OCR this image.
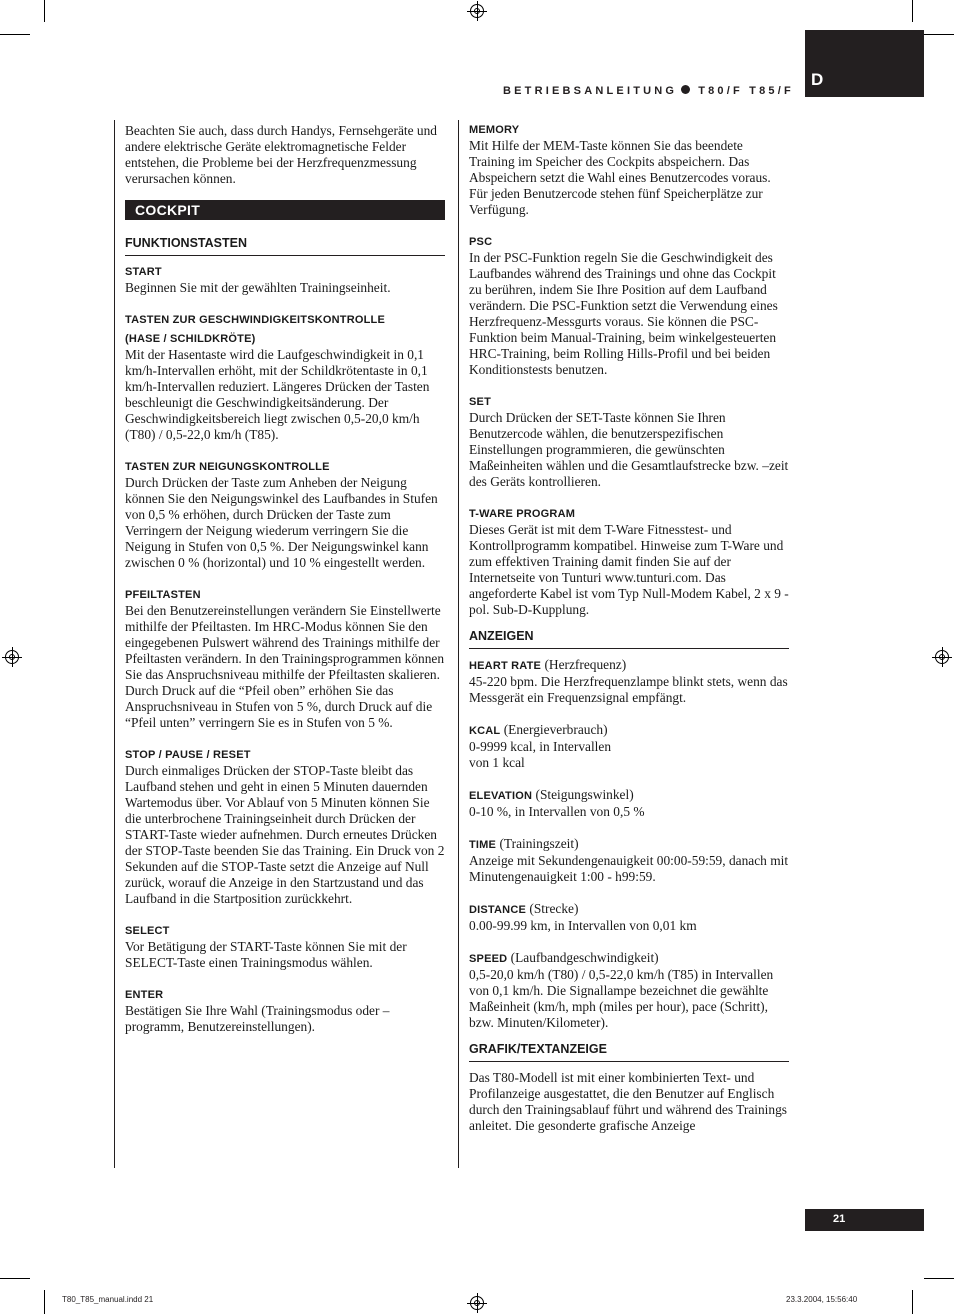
D
BETRIEBSANLEITUNG T80/F T85/F

Beachten Sie auch, dass durch Handys, Fernsehgeräte und andere elektrische Geräte elektromagnetische Felder entstehen, die Probleme bei der Herzfrequenzmessung verursachen können.

COCKPIT
FUNKTIONSTASTEN
START

Beginnen Sie mit der gewählten Trainingseinheit.

TASTEN ZUR GESCHWINDIGKEITSKONTROLLE
(HASE / SCHILDKRÖTE)

Mit der Hasentaste wird die Laufgeschwindigkeit in 0,1 km/h-Intervallen erhöht, mit der Schildkrötentaste in 0,1 km/h-Intervallen reduziert. Längeres Drücken der Tasten beschleunigt die Geschwindigkeitsänderung. Der Geschwindigkeitsbereich liegt zwischen 0,5-20,0 km/h (T80) / 0,5-22,0 km/h (T85).

TASTEN ZUR NEIGUNGSKONTROLLE

Durch Drücken der Taste zum Anheben der Neigung können Sie den Neigungswinkel des Laufbandes in Stufen von 0,5 % erhöhen, durch Drücken der Taste zum Verringern der Neigung wiederum verringern Sie die Neigung in Stufen von 0,5 %. Der Neigungswinkel kann zwischen 0 % (horizontal) und 10 % eingestellt werden.

PFEILTASTEN

Bei den Benutzereinstellungen verändern Sie Einstellwerte mithilfe der Pfeiltasten. Im HRC-Modus können Sie den eingegebenen Pulswert während des Trainings mithilfe der Pfeiltasten verändern. In den Trainingsprogrammen können Sie das Anspruchsniveau mithilfe der Pfeiltasten skalieren. Durch Druck auf die “Pfeil oben” erhöhen Sie das Anspruchsniveau in Stufen von 5 %, durch Druck auf die “Pfeil unten” verringern Sie es in Stufen von 5 %.

STOP / PAUSE / RESET

Durch einmaliges Drücken der STOP-Taste bleibt das Laufband stehen und geht in einen 5 Minuten dauernden Wartemodus über. Vor Ablauf von 5 Minuten können Sie die unterbrochene Trainingseinheit durch Drücken der START-Taste wieder aufnehmen. Durch erneutes Drücken der STOP-Taste beenden Sie das Training. Ein Druck von 2 Sekunden auf die STOP-Taste setzt die Anzeige auf Null zurück, worauf die Anzeige in den Startzustand und das Laufband in die Startposition zurückkehrt.

SELECT

Vor Betätigung der START-Taste können Sie mit der SELECT-Taste einen Trainingsmodus wählen.

ENTER

Bestätigen Sie Ihre Wahl (Trainingsmodus oder –programm, Benutzereinstellungen).

MEMORY

Mit Hilfe der MEM-Taste können Sie das beendete Training im Speicher des Cockpits abspeichern. Das Abspeichern setzt die Wahl eines Benutzercodes voraus. Für jeden Benutzercode stehen fünf Speicherplätze zur Verfügung.

PSC

In der PSC-Funktion regeln Sie die Geschwindigkeit des Laufbandes während des Trainings und ohne das Cockpit zu berühren, indem Sie Ihre Position auf dem Laufband verändern. Die PSC-Funktion setzt die Verwendung eines Herzfrequenz-Messgurts voraus. Sie können die PSC-Funktion beim Manual-Training, beim winkelgesteuerten HRC-Training, beim Rolling Hills-Profil und bei beiden Konditionstests benutzen.

SET

Durch Drücken der SET-Taste können Sie Ihren Benutzercode wählen, die benutzerspezifischen Einstellungen programmieren, die gewünschten Maßeinheiten wählen und die Gesamtlaufstrecke bzw. –zeit des Geräts kontrollieren.

T-WARE PROGRAM

Dieses Gerät ist mit dem T-Ware Fitnesstest- und Kontrollprogramm kompatibel. Hinweise zum T-Ware und zum effektiven Training damit finden Sie auf der Internetseite von Tunturi www.tunturi.com. Das angeforderte Kabel ist vom Typ Null-Modem Kabel, 2 x 9 -pol. Sub-D-Kupplung.

ANZEIGEN

HEART RATE (Herzfrequenz)

45-220 bpm. Die Herzfrequenzlampe blinkt stets, wenn das Messgerät ein Frequenzsignal empfängt.

KCAL (Energieverbrauch)

0-9999 kcal, in Intervallen von 1 kcal

ELEVATION (Steigungswinkel)

0-10 %, in Intervallen von 0,5 %

TIME (Trainingszeit)

Anzeige mit Sekundengenauigkeit 00:00-59:59, danach mit Minutengenauigkeit 1:00 - h99:59.

DISTANCE (Strecke)

0.00-99.99 km, in Intervallen von 0,01 km

SPEED (Laufbandgeschwindigkeit)

0,5-20,0 km/h (T80) / 0,5-22,0 km/h (T85) in Intervallen von 0,1 km/h. Die Signallampe bezeichnet die gewählte Maßeinheit (km/h, mph (miles per hour), pace (Schritt), bzw. Minuten/Kilometer).

GRAFIK/TEXTANZEIGE

Das T80-Modell ist mit einer kombinierten Text- und Profilanzeige ausgestattet, die den Benutzer auf Englisch durch den Trainingsablauf führt und während des Trainings anleitet. Die gesonderte grafische Anzeige

21
T80_T85_manual.indd 21	23.3.2004, 15:56:40
